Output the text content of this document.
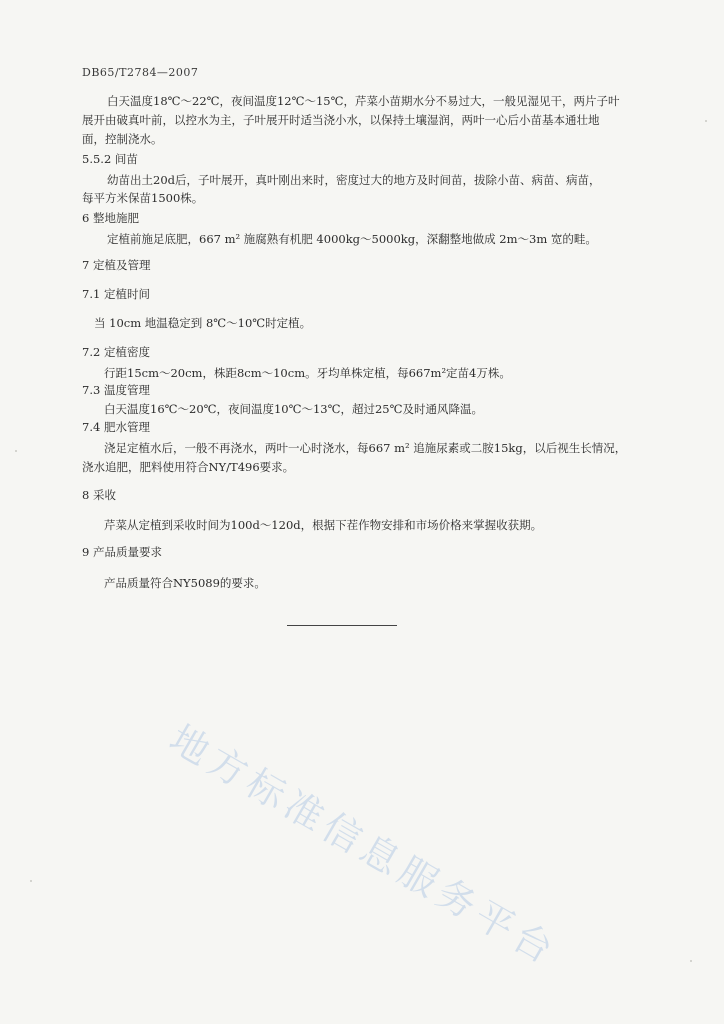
DB65/T2784—2007
白天温度18℃～22℃，夜间温度12℃～15℃，芹菜小苗期水分不易过大，一般见湿见干，两片子叶
展开由破真叶前，以控水为主，子叶展开时适当浇小水，以保持土壤湿润，两叶一心后小苗基本通壮地
面，控制浇水。
5.5.2 间苗
幼苗出土20d后，子叶展开，真叶刚出来时，密度过大的地方及时间苗，拔除小苗、病苗、病苗，
每平方米保苗1500株。
6 整地施肥
定植前施足底肥，667 m² 施腐熟有机肥 4000kg～5000kg，深翻整地做成 2m～3m 宽的畦。
7 定植及管理
7.1 定植时间
当 10cm 地温稳定到 8℃～10℃时定植。
7.2 定植密度
行距15cm～20cm，株距8cm～10cm。牙均单株定植，每667m²定苗4万株。
7.3 温度管理
白天温度16℃～20℃，夜间温度10℃～13℃，超过25℃及时通风降温。
7.4 肥水管理
浇足定植水后，一般不再浇水，两叶一心时浇水，每667 m² 追施尿素或二胺15kg，以后视生长情况，
浇水追肥，肥料使用符合NY/T496要求。
8 采收
芹菜从定植到采收时间为100d～120d，根据下茬作物安排和市场价格来掌握收获期。
9 产品质量要求
产品质量符合NY5089的要求。
地方标准信息服务平台
